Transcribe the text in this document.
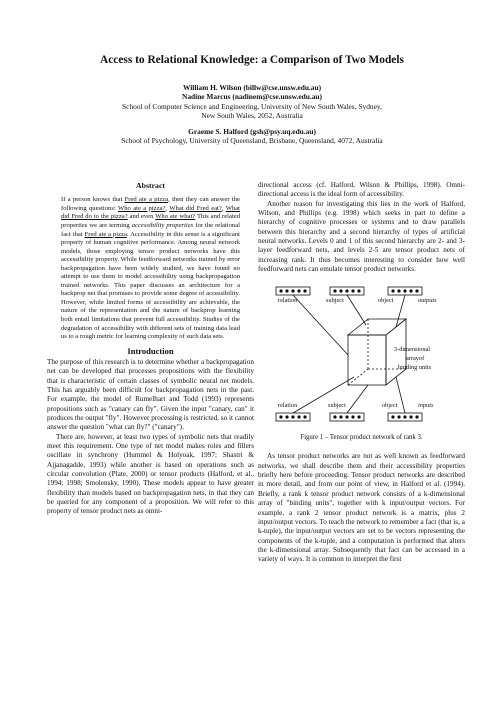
Access to Relational Knowledge: a Comparison of Two Models
William H. Wilson (billw@cse.unsw.edu.au)
Nadine Marcus (nadinem@cse.unsw.edu.au)
School of Computer Science and Engineering, University of New South Wales, Sydney,
New South Wales, 2052, Australia
Graeme S. Halford (gsh@psy.uq.edu.au)
School of Psychology, University of Queensland, Brisbane, Queensland, 4072, Australia
Abstract

If a person knows that Fred ate a pizza, then they can answer the following questions: Who ate a pizza?, What did Fred eat?, What did Fred do to the pizza? and even Who ate what? This and related properties we are terming accessibility properties for the relational fact that Fred ate a pizza. Accessibility in this sense is a significant property of human cognitive performance. Among neural network models, those employing tensor product networks have this accessibility property. While feedforward networks trained by error backpropagation have been widely studied, we have found no attempt to use them to model accessibility using backpropagation trained networks. This paper discusses an architecture for a backprop net that promises to provide some degree of accessibility. However, while limited forms of accessibility are achievable, the nature of the representation and the nature of backprop learning both entail limitations that prevent full accessibility. Studies of the degradation of accessibility with different sets of training data lead us to a rough metric for learning complexity of such data sets.

Introduction

The purpose of this research is to determine whether a backpropagation net can be developed that processes propositions with the flexibility that is characteristic of certain classes of symbolic neural net models. This has arguably been difficult for backpropagation nets in the past. For example, the model of Rumelhart and Todd (1993) represents propositions such as "canary can fly". Given the input "canary, can" it produces the output "fly". However processing is restricted, so it cannot answer the question "what can fly?" ("canary").

There are, however, at least two types of symbolic nets that readily meet this requirement. One type of net model makes roles and fillers oscillate in synchrony (Hummel & Holyoak, 1997; Shastri & Ajjanagadde, 1993) while another is based on operations such as circular convolution (Plate, 2000) or tensor products (Halford, et al., 1994; 1998; Smolensky, 1990). These models appear to have greater flexibility than models based on backpropagation nets, in that they can be queried for any component of a proposition. We will refer to this property of tensor product nets as omni-

directional access (cf. Halford, Wilson & Phillips, 1998). Omni-directional access is the ideal form of accessibility.

Another reason for investigating this lies in the work of Halford, Wilson, and Phillips (e.g. 1998) which seeks in part to define a hierarchy of cognitive processes or systems and to draw parallels between this hierarchy and a second hierarchy of types of artificial neural networks. Levels 0 and 1 of this second hierarchy are 2- and 3-layer feedforward nets, and levels 2-5 are tensor product nets of increasing rank. It thus becomes interesting to consider how well feedforward nets can emulate tensor product networks.

relation	subject	object	outputs
3-dimensional
arrayof
binding units
relation	subject	object	inputs
Figure 1 – Tensor product network of rank 3.

As tensor product networks are not as well known as feedforward networks, we shall describe them and their accessibility properties briefly here before proceeding. Tensor product networks are described in more detail, and from our point of view, in Halford et al. (1994). Briefly, a rank k tensor product network consists of a k-dimensional array of "binding units", together with k input/output vectors. For example, a rank 2 tensor product network is a matrix, plus 2 input/output vectors. To teach the network to remember a fact (that is, a k-tuple), the input/output vectors are set to be vectors representing the components of the k-tuple, and a computation is performed that alters the k-dimensional array. Subsequently that fact can be accessed in a variety of ways. It is common to interpret the first
